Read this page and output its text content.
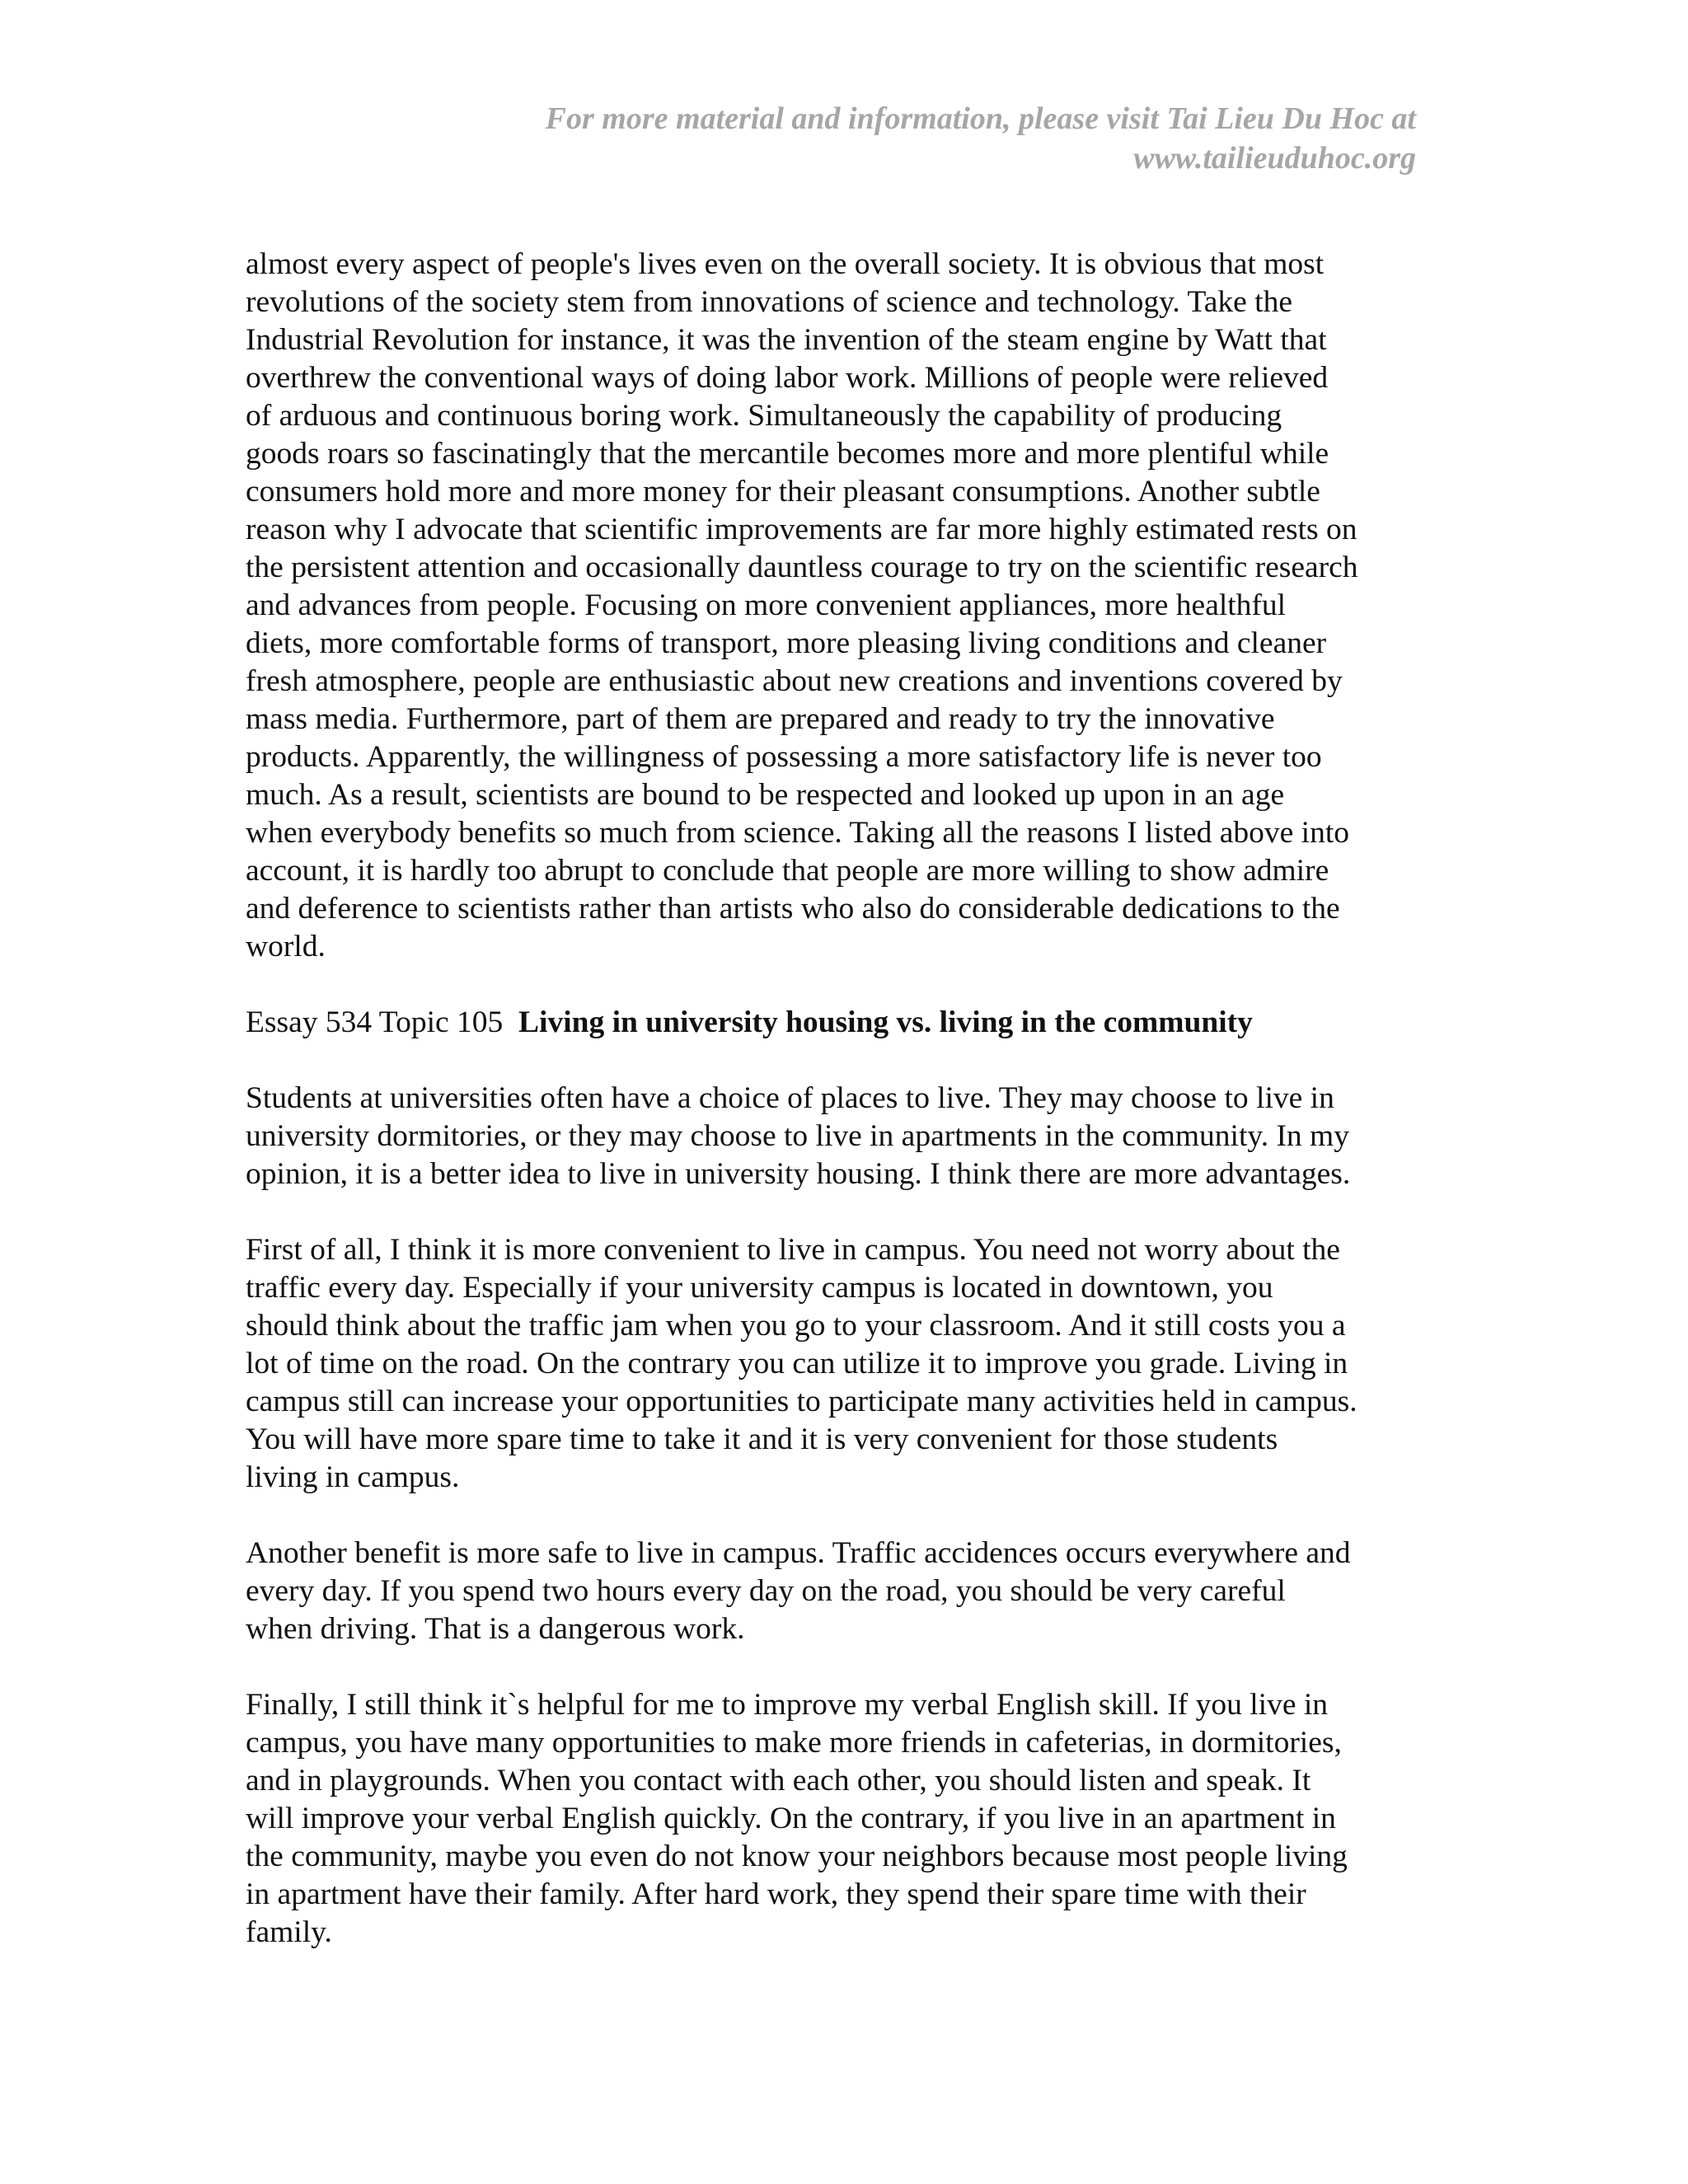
For more material and information, please visit Tai Lieu Du Hoc at
www.tailieuduhoc.org
almost every aspect of people's lives even on the overall society. It is obvious that most
revolutions of the society stem from innovations of science and technology. Take the
Industrial Revolution for instance, it was the invention of the steam engine by Watt that
overthrew the conventional ways of doing labor work. Millions of people were relieved
of arduous and continuous boring work. Simultaneously the capability of producing
goods roars so fascinatingly that the mercantile becomes more and more plentiful while
consumers hold more and more money for their pleasant consumptions. Another subtle
reason why I advocate that scientific improvements are far more highly estimated rests on
the persistent attention and occasionally dauntless courage to try on the scientific research
and advances from people. Focusing on more convenient appliances, more healthful
diets, more comfortable forms of transport, more pleasing living conditions and cleaner
fresh atmosphere, people are enthusiastic about new creations and inventions covered by
mass media. Furthermore, part of them are prepared and ready to try the innovative
products. Apparently, the willingness of possessing a more satisfactory life is never too
much. As a result, scientists are bound to be respected and looked up upon in an age
when everybody benefits so much from science. Taking all the reasons I listed above into
account, it is hardly too abrupt to conclude that people are more willing to show admire
and deference to scientists rather than artists who also do considerable dedications to the
world.
Essay 534 Topic 105 Living in university housing vs. living in the community
Students at universities often have a choice of places to live. They may choose to live in
university dormitories, or they may choose to live in apartments in the community. In my
opinion, it is a better idea to live in university housing. I think there are more advantages.
First of all, I think it is more convenient to live in campus. You need not worry about the
traffic every day. Especially if your university campus is located in downtown, you
should think about the traffic jam when you go to your classroom. And it still costs you a
lot of time on the road. On the contrary you can utilize it to improve you grade. Living in
campus still can increase your opportunities to participate many activities held in campus.
You will have more spare time to take it and it is very convenient for those students
living in campus.
Another benefit is more safe to live in campus. Traffic accidences occurs everywhere and
every day. If you spend two hours every day on the road, you should be very careful
when driving. That is a dangerous work.
Finally, I still think it`s helpful for me to improve my verbal English skill. If you live in
campus, you have many opportunities to make more friends in cafeterias, in dormitories,
and in playgrounds. When you contact with each other, you should listen and speak. It
will improve your verbal English quickly. On the contrary, if you live in an apartment in
the community, maybe you even do not know your neighbors because most people living
in apartment have their family. After hard work, they spend their spare time with their
family.
